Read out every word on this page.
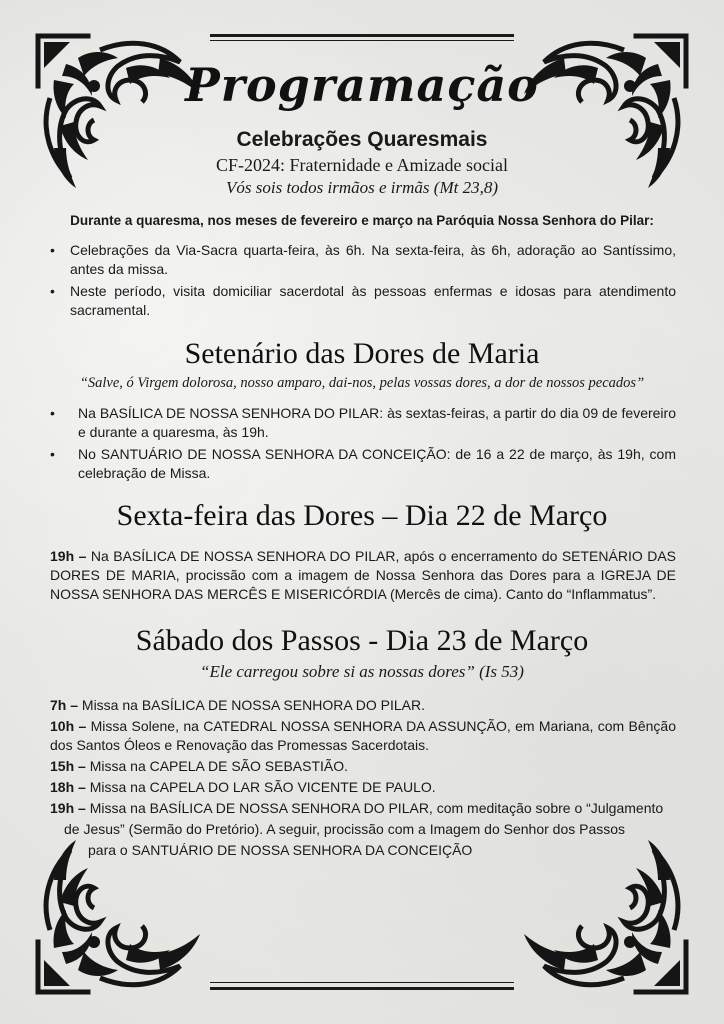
Programação
Celebrações Quaresmais
CF-2024: Fraternidade e Amizade social
Vós sois todos irmãos e irmãs (Mt 23,8)
Durante a quaresma, nos meses de fevereiro e março na Paróquia Nossa Senhora do Pilar:
• Celebrações da Via-Sacra quarta-feira, às 6h. Na sexta-feira, às 6h, adoração ao Santíssimo, antes da missa.
• Neste período, visita domiciliar sacerdotal às pessoas enfermas e idosas para atendimento sacramental.
Setenário das Dores de Maria
“Salve, ó Virgem dolorosa, nosso amparo, dai-nos, pelas vossas dores, a dor de nossos pecados”
• Na BASÍLICA DE NOSSA SENHORA DO PILAR: às sextas-feiras, a partir do dia 09 de fevereiro e durante a quaresma, às 19h.
• No SANTUÁRIO DE NOSSA SENHORA DA CONCEIÇÃO: de 16 a 22 de março, às 19h, com celebração de Missa.
Sexta-feira das Dores – Dia 22 de Março
19h – Na BASÍLICA DE NOSSA SENHORA DO PILAR, após o encerramento do SETENÁRIO DAS DORES DE MARIA, procissão com a imagem de Nossa Senhora das Dores para a IGREJA DE NOSSA SENHORA DAS MERCÊS E MISERICÓRDIA (Mercês de cima). Canto do “Inflammatus”.
Sábado dos Passos - Dia 23 de Março
“Ele carregou sobre si as nossas dores” (Is 53)
7h – Missa na BASÍLICA DE NOSSA SENHORA DO PILAR.
10h – Missa Solene, na CATEDRAL NOSSA SENHORA DA ASSUNÇÃO, em Mariana, com Bênção dos Santos Óleos e Renovação das Promessas Sacerdotais.
15h – Missa na CAPELA DE SÃO SEBASTIÃO.
18h – Missa na CAPELA DO LAR SÃO VICENTE DE PAULO.
19h – Missa na BASÍLICA DE NOSSA SENHORA DO PILAR, com meditação sobre o “Julgamento
de Jesus” (Sermão do Pretório). A seguir, procissão com a Imagem do Senhor dos Passos
para o SANTUÁRIO DE NOSSA SENHORA DA CONCEIÇÃO
